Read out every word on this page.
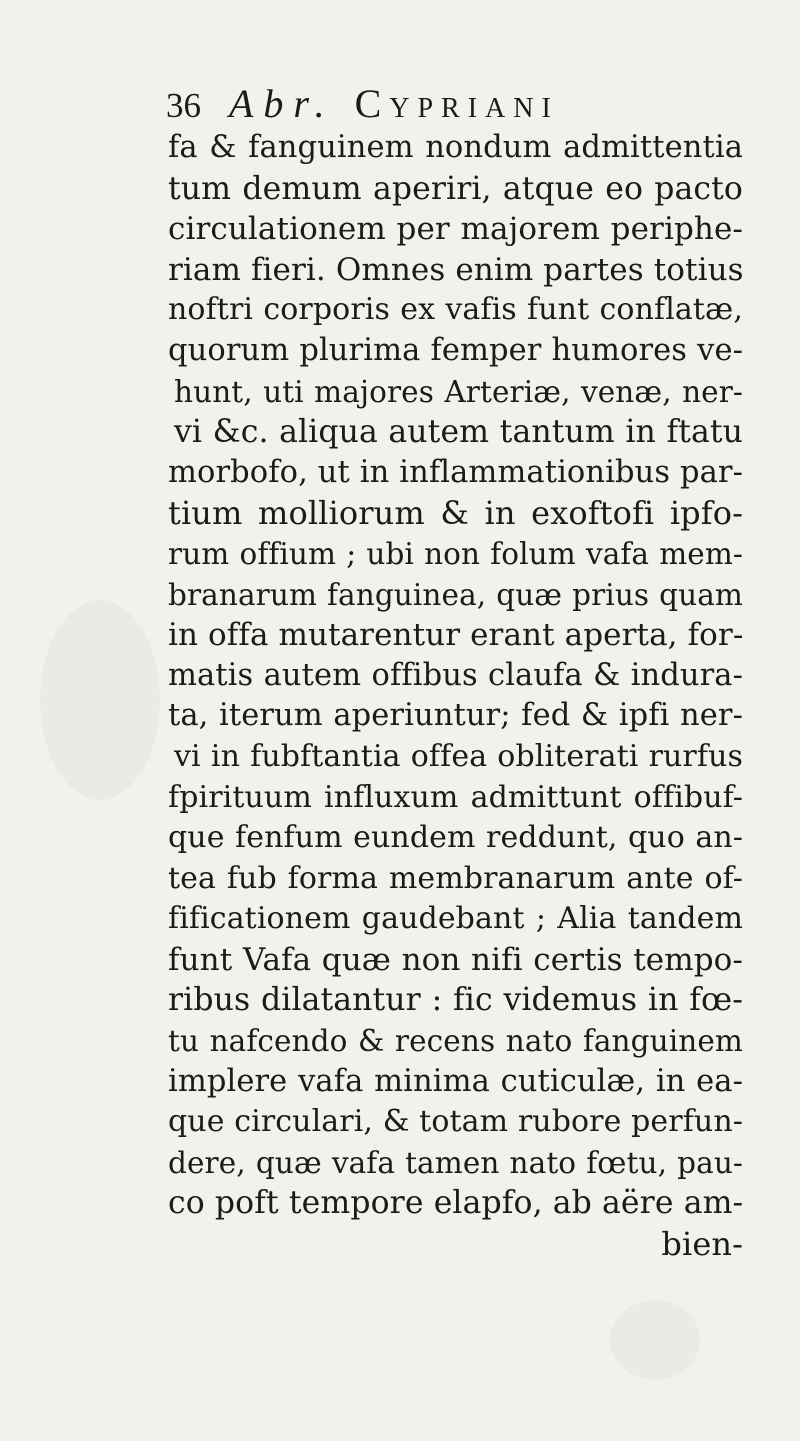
36 Abr. Cypriani
fa & fanguinem nondum admittentia
tum demum aperiri, atque eo pacto
circulationem per majorem periphe-
riam fieri. Omnes enim partes totius
noftri corporis ex vafis funt conflatæ,
quorum plurima femper humores ve-
hunt, uti majores Arteriæ, venæ, ner-
vi &c. aliqua autem tantum in ftatu
morbofo, ut in inflammationibus par-
tium molliorum & in exoftofi ipfo-
rum offium ; ubi non folum vafa mem-
branarum fanguinea, quæ prius quam
in offa mutarentur erant aperta, for-
matis autem offibus claufa & indura-
ta, iterum aperiuntur; fed & ipfi ner-
vi in fubftantia offea obliterati rurfus
fpirituum influxum admittunt offibuf-
que fenfum eundem reddunt, quo an-
tea fub forma membranarum ante of-
fificationem gaudebant ; Alia tandem
funt Vafa quæ non nifi certis tempo-
ribus dilatantur : fic videmus in fœ-
tu nafcendo & recens nato fanguinem
implere vafa minima cuticulæ, in ea-
que circulari, & totam rubore perfun-
dere, quæ vafa tamen nato fœtu, pau-
co poft tempore elapfo, ab aëre am-
bien-
